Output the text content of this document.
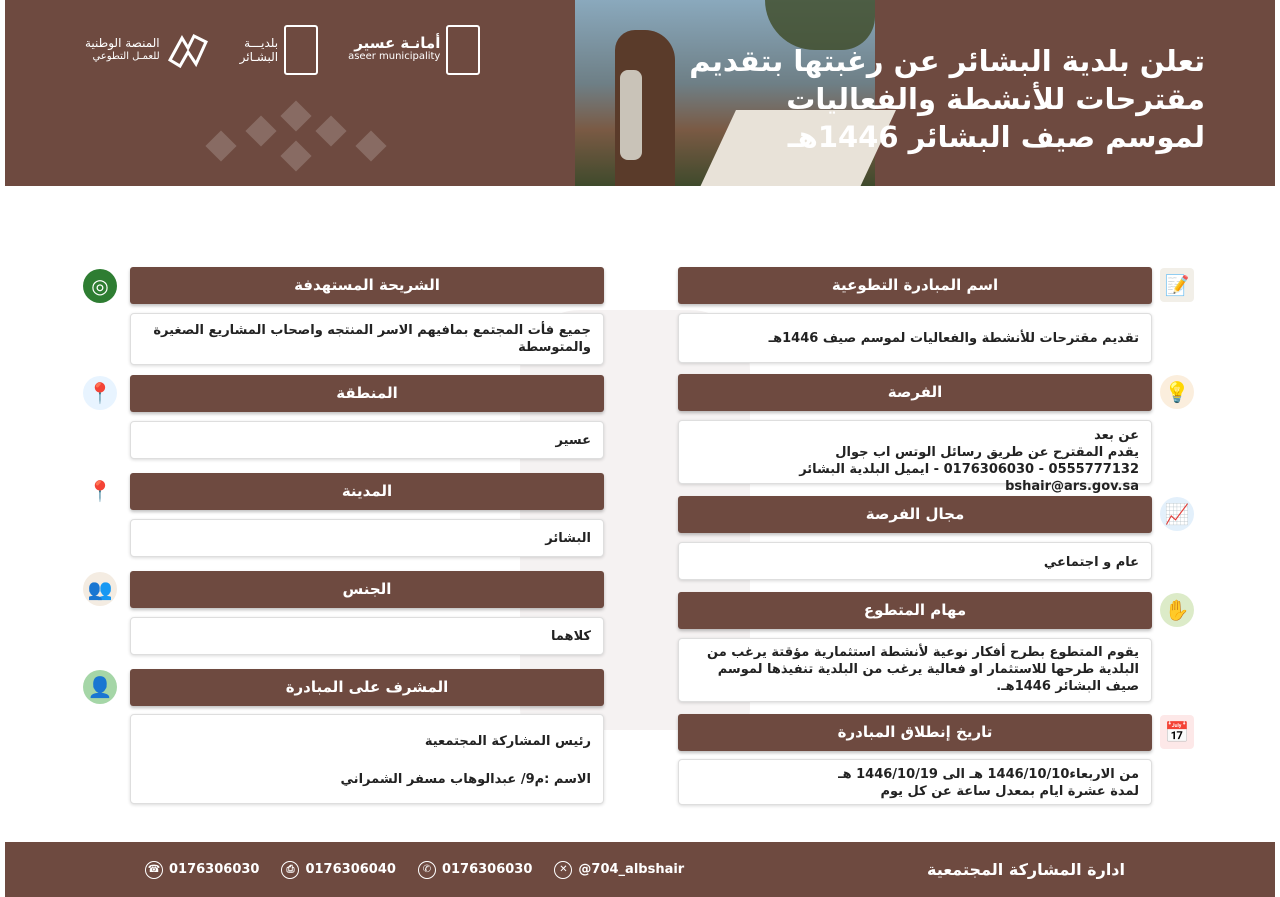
تعلن بلدية البشائر عن رغبتها بتقديم
مقترحات للأنشطة والفعاليات
لموسم صيف البشائر 1446هـ
المنصة الوطنية
للعمـل التطوعي
بلديـــة
البشـائر
أمانـة عسير
aseer municipality
اسم المبادرة التطوعية	📝
تقديم مقترحات للأنشطة والفعاليات لموسم صيف 1446هـ
الفرصة	💡
عن بعد
يقدم المقترح عن طريق رسائل الوتس اب جوال
0555777132 - 0176306030 - ايميل البلدية البشائر bshair@ars.gov.sa
مجال الفرصة	📈
عام و اجتماعي
مهام المتطوع	✋
يقوم المتطوع بطرح أفكار نوعية لأنشطة استثمارية مؤقتة يرغب من البلدية طرحها للاستثمار او فعالية يرغب من البلدية تنفيذها لموسم صيف البشائر 1446هـ.
تاريخ إنطلاق المبادرة	📅
من الاربعاء1446/10/10 هـ الى 1446/10/19 هـ
لمدة عشرة ايام بمعدل ساعة عن كل يوم
الشريحة المستهدفة
◎
جميع فأت المجتمع بمافيهم الاسر المنتجه واصحاب المشاريع الصغيرة والمتوسطة
المنطقة
📍
عسير
المدينة
📍
البشائر
الجنس
👥
كلاهما
المشرف على المبادرة
👤
رئيس المشاركة المجتمعية
الاسم :م9/ عبدالوهاب مسفر الشمراني
ادارة المشاركة المجتمعية
☎ 0176306030	⎙ 0176306040	✆ 0176306030	✕ @704_albshair
